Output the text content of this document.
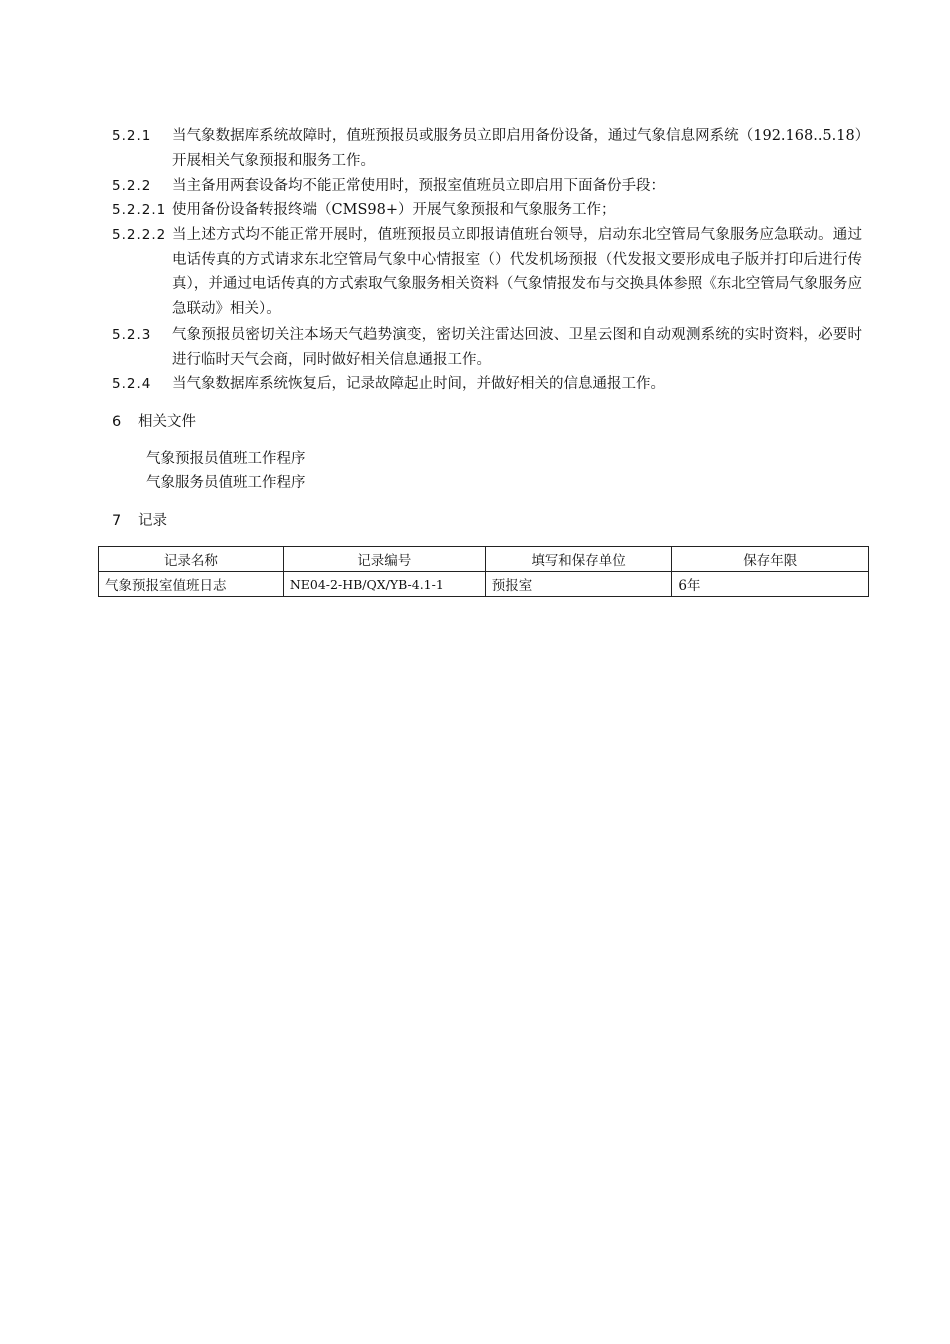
5.2.1 当气象数据库系统故障时，值班预报员或服务员立即启用备份设备，通过气象信息网系统（192.168..5.18）开展相关气象预报和服务工作。
5.2.2 当主备用两套设备均不能正常使用时，预报室值班员立即启用下面备份手段：
5.2.2.1 使用备份设备转报终端（CMS98+）开展气象预报和气象服务工作；
5.2.2.2 当上述方式均不能正常开展时，值班预报员立即报请值班台领导，启动东北空管局气象服务应急联动。通过电话传真的方式请求东北空管局气象中心情报室（）代发机场预报（代发报文要形成电子版并打印后进行传真），并通过电话传真的方式索取气象服务相关资料（气象情报发布与交换具体参照《东北空管局气象服务应急联动》相关）。
5.2.3 气象预报员密切关注本场天气趋势演变，密切关注雷达回波、卫星云图和自动观测系统的实时资料，必要时进行临时天气会商，同时做好相关信息通报工作。
5.2.4 当气象数据库系统恢复后，记录故障起止时间，并做好相关的信息通报工作。
6 相关文件
气象预报员值班工作程序
气象服务员值班工作程序
7 记录
记录名称	记录编号	填写和保存单位	保存年限
气象预报室值班日志	NE04-2-HB/QX/YB-4.1-1	预报室	6年
